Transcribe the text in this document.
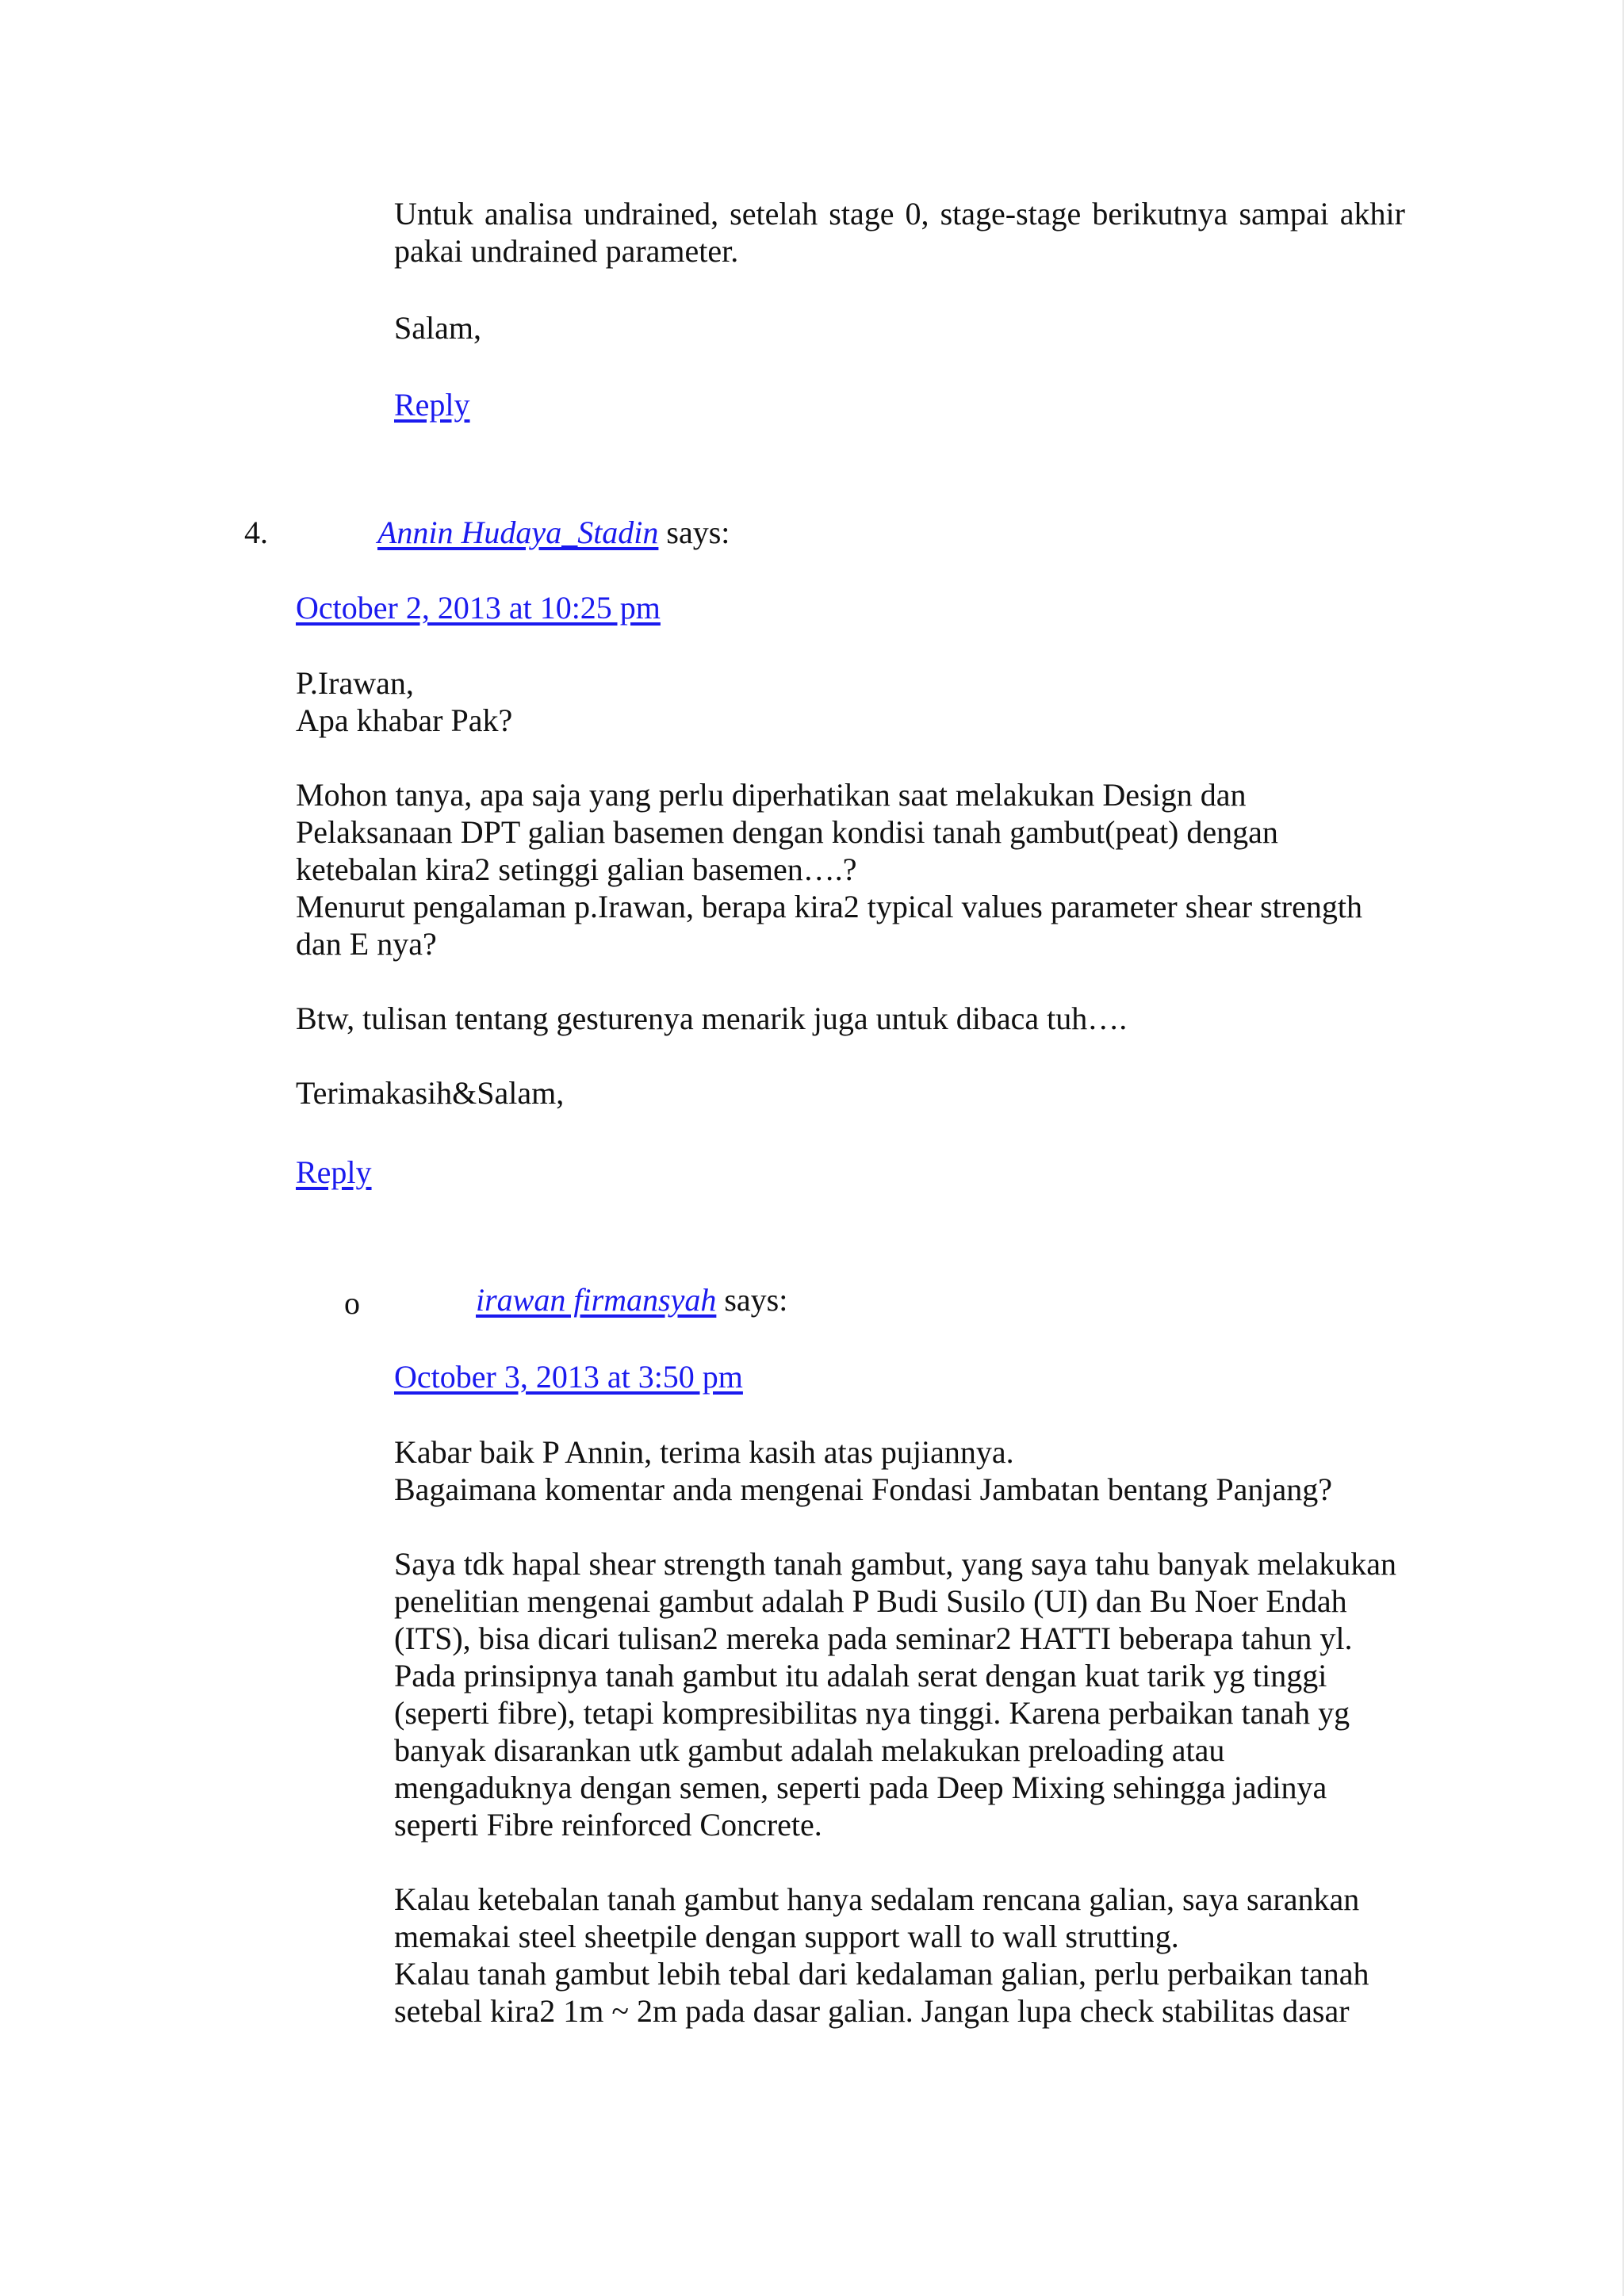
Untuk analisa undrained, setelah stage 0, stage-stage berikutnya sampai akhir
pakai undrained parameter.
Salam,
Reply
4.	Annin Hudaya_Stadin says:
October 2, 2013 at 10:25 pm
P.Irawan,
Apa khabar Pak?
Mohon tanya, apa saja yang perlu diperhatikan saat melakukan Design dan
Pelaksanaan DPT galian basemen dengan kondisi tanah gambut(peat) dengan
ketebalan kira2 setinggi galian basemen….?
Menurut pengalaman p.Irawan, berapa kira2 typical values parameter shear strength
dan E nya?
Btw, tulisan tentang gesturenya menarik juga untuk dibaca tuh….
Terimakasih&Salam,
Reply
o	irawan firmansyah says:
October 3, 2013 at 3:50 pm
Kabar baik P Annin, terima kasih atas pujiannya.
Bagaimana komentar anda mengenai Fondasi Jambatan bentang Panjang?
Saya tdk hapal shear strength tanah gambut, yang saya tahu banyak melakukan
penelitian mengenai gambut adalah P Budi Susilo (UI) dan Bu Noer Endah
(ITS), bisa dicari tulisan2 mereka pada seminar2 HATTI beberapa tahun yl.
Pada prinsipnya tanah gambut itu adalah serat dengan kuat tarik yg tinggi
(seperti fibre), tetapi kompresibilitas nya tinggi. Karena perbaikan tanah yg
banyak disarankan utk gambut adalah melakukan preloading atau
mengaduknya dengan semen, seperti pada Deep Mixing sehingga jadinya
seperti Fibre reinforced Concrete.
Kalau ketebalan tanah gambut hanya sedalam rencana galian, saya sarankan
memakai steel sheetpile dengan support wall to wall strutting.
Kalau tanah gambut lebih tebal dari kedalaman galian, perlu perbaikan tanah
setebal kira2 1m ~ 2m pada dasar galian. Jangan lupa check stabilitas dasar
